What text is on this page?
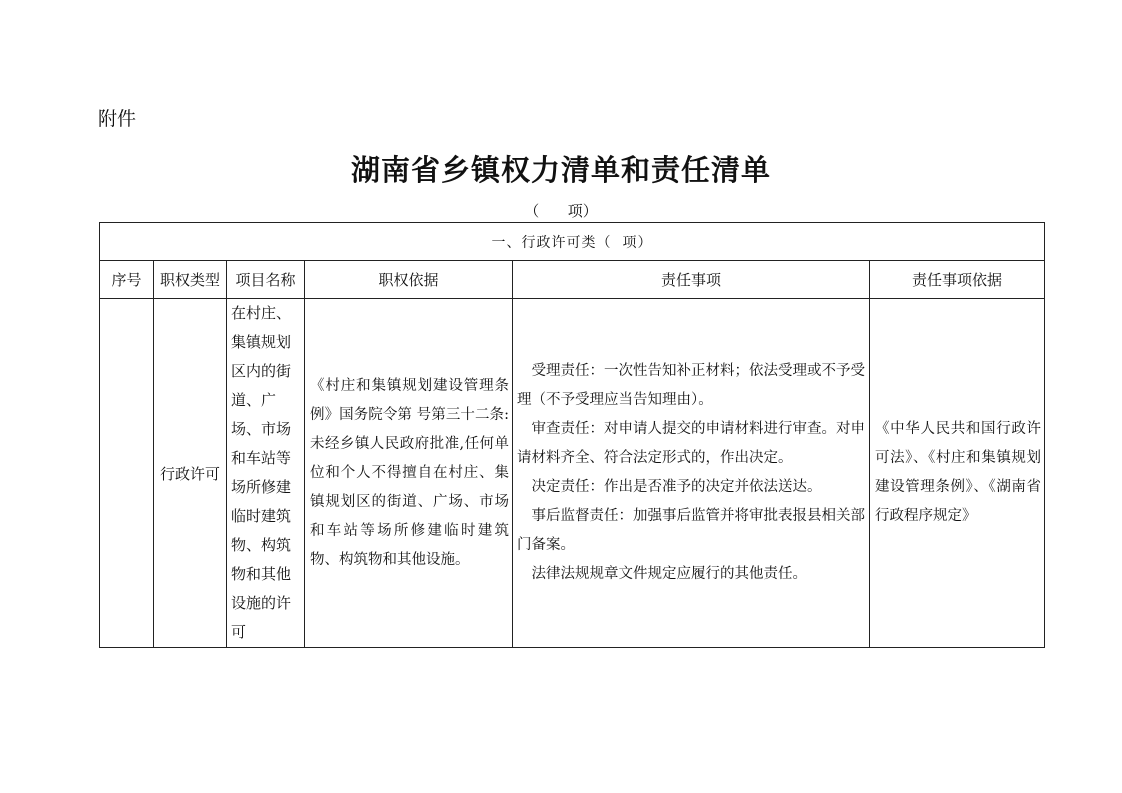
附件
湖南省乡镇权力清单和责任清单
（      项）
一、行政许可类（  项）					
序号	职权类型	项目名称	职权依据	责任事项	责任事项依据
	行政许可	在村庄、集镇规划区内的街道、广场、市场和车站等场所修建临时建筑物、构筑物和其他设施的许可	《村庄和集镇规划建设管理条例》国务院令第 号第三十二条:未经乡镇人民政府批准,任何单位和个人不得擅自在村庄、集镇规划区的街道、广场、市场和车站等场所修建临时建筑物、构筑物和其他设施。	受理责任：一次性告知补正材料；依法受理或不予受理（不予受理应当告知理由）。
审查责任：对申请人提交的申请材料进行审查。对申请材料齐全、符合法定形式的，作出决定。
决定责任：作出是否准予的决定并依法送达。
事后监督责任：加强事后监管并将审批表报县相关部门备案。
法律法规规章文件规定应履行的其他责任。	《中华人民共和国行政许可法》、《村庄和集镇规划建设管理条例》、《湖南省行政程序规定》
